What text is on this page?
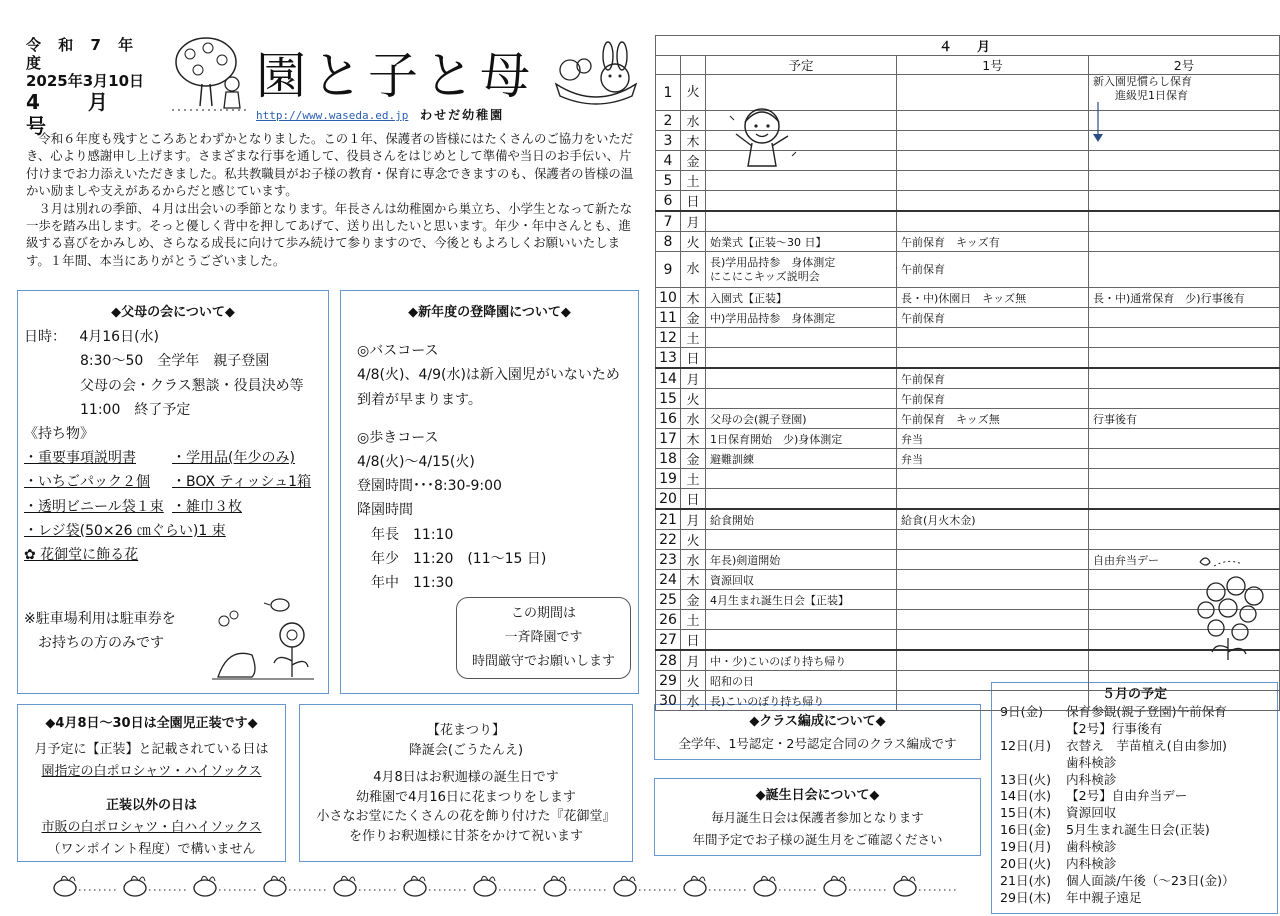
令 和 7 年 度
2025年3月10日
4　月　号
園と子と母
http://www.waseda.ed.jp わせだ幼稚園

令和６年度も残すところあとわずかとなりました。この１年、保護者の皆様にはたくさんのご協力をいただき、心より感謝申し上げます。さまざまな行事を通して、役員さんをはじめとして準備や当日のお手伝い、片付けまでお力添えいただきました。私共教職員がお子様の教育・保育に専念できますのも、保護者の皆様の温かい励ましや支えがあるからだと感じています。

３月は別れの季節、４月は出会いの季節となります。年長さんは幼稚園から巣立ち、小学生となって新たな一歩を踏み出します。そっと優しく背中を押してあげて、送り出したいと思います。年少・年中さんとも、進級する喜びをかみしめ、さらなる成長に向けて歩み続けて参りますので、今後ともよろしくお願いいたします。１年間、本当にありがとうございました。

◆父母の会について◆
日時： 4月16日(水)
8:30～50　全学年　親子登園
父母の会・クラス懇談・役員決め等
11:00　終了予定
《持ち物》
・重要事項説明書	・学用品(年少のみ)
・いちごパック２個	・BOX ティッシュ1箱
・透明ビニール袋１束 ・雑巾３枚
・レジ袋(50×26 ㎝ぐらい)1 束
✿ 花御堂に飾る花
※駐車場利用は駐車券を
お持ちの方のみです
◆新年度の登降園について◆
◎バスコース
4/8(火)、4/9(水)は新入園児がいないため到着が早まります。
◎歩きコース
4/8(火)～4/15(火)
登園時間･･･8:30-9:00
降園時間
年長　11:10
年少　11:20　(11～15 日)
年中　11:30
この期間は
一斉降園です
時間厳守でお願いします
◆4月8日～30日は全園児正装です◆
月予定に【正装】と記載されている日は
園指定の白ポロシャツ・ハイソックス
正装以外の日は
市販の白ポロシャツ・白ハイソックス
（ワンポイント程度）で構いません
【花まつり】
降誕会(ごうたんえ)
4月8日はお釈迦様の誕生日です
幼稚園で4月16日に花まつりをします
小さなお堂にたくさんの花を飾り付けた『花御堂』
を作りお釈迦様に甘茶をかけて祝います
◆クラス編成について◆
全学年、1号認定・2号認定合同のクラス編成です
◆誕生日会について◆
毎月誕生日会は保護者参加となります
年間予定でお子様の誕生月をご確認ください
５月の予定
9日(金)	保育参観(親子登園)午前保育
【2号】行事後有
12日(月)	衣替え　芋苗植え(自由参加)
歯科検診
13日(火)	内科検診
14日(水)	【2号】自由弁当デー
15日(木)	資源回収
16日(金)	5月生まれ誕生日会(正装)
19日(月)	歯科検診
20日(火)	内科検診
21日(水)	個人面談/午後（～23日(金)）
29日(木)	年中親子遠足
４　月				
		予定	1号	2号
1	火			新入園児慣らし保育
　　進級児1日保育
2	水			
3	木			
4	金			
5	土			
6	日			
7	月			
8	火	始業式【正装～30 日】	午前保育　キッズ有	
9	水	長)学用品持参　身体測定
にこにこキッズ説明会	午前保育	
10	木	入園式【正装】	長・中)休園日　キッズ無	長・中)通常保育　少)行事後有
11	金	中)学用品持参　身体測定	午前保育	
12	土			
13	日			
14	月		午前保育	
15	火		午前保育	
16	水	父母の会(親子登園)	午前保育　キッズ無	行事後有
17	木	1日保育開始　少)身体測定	弁当	
18	金	避難訓練	弁当	
19	土			
20	日			
21	月	給食開始	給食(月火木金)	
22	火			
23	水	年長)剣道開始		自由弁当デー
24	木	資源回収		
25	金	4月生まれ誕生日会【正装】		
26	土			
27	日			
28	月	中・少)こいのぼり持ち帰り		
29	火	昭和の日		
30	水	長)こいのぼり持ち帰り		
